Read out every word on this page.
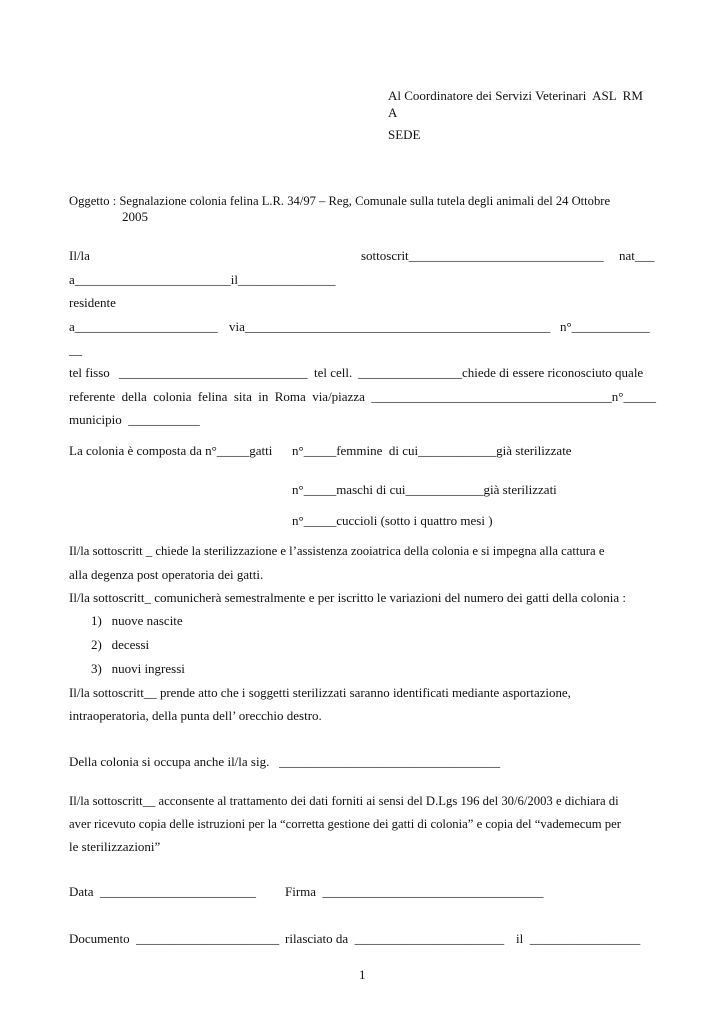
Al Coordinatore dei Servizi Veterinari  ASL  RM
A
SEDE
Oggetto : Segnalazione colonia felina L.R. 34/97 – Reg, Comunale sulla tutela degli animali del 24 Ottobre
2005
Il/la	sottoscrit______________________________ nat___
a________________________il_______________
residente
a______________________ via_______________________________________________ n°____________
__
tel fisso _____________________________ tel cell. ________________chiede di essere riconosciuto quale
referente della colonia felina sita in Roma via/piazza _____________________________________n°_____
municipio  ___________
La colonia è composta da n°_____gatti n°_____femmine  di cui____________già sterilizzate
n°_____maschi di cui____________già sterilizzati
n°_____cuccioli (sotto i quattro mesi )
Il/la sottoscritt _ chiede la sterilizzazione e l’assistenza zooiatrica della colonia e si impegna alla cattura e
alla degenza post operatoria dei gatti.
Il/la sottoscritt_ comunicherà semestralmente e per iscritto le variazioni del numero dei gatti della colonia :
1)   nuove nascite
2)   decessi
3)   nuovi ingressi
Il/la sottoscritt__ prende atto che i soggetti sterilizzati saranno identificati mediante asportazione,
intraoperatoria, della punta dell’ orecchio destro.
Della colonia si occupa anche il/la sig.   __________________________________
Il/la sottoscritt__ acconsente al trattamento dei dati forniti ai sensi del D.Lgs 196 del 30/6/2003 e dichiara di
aver ricevuto copia delle istruzioni per la “corretta gestione dei gatti di colonia” e copia del “vademecum per
le sterilizzazioni”
Data  ________________________ Firma  __________________________________
Documento  ______________________ rilasciato da  _______________________ il  _________________
1
